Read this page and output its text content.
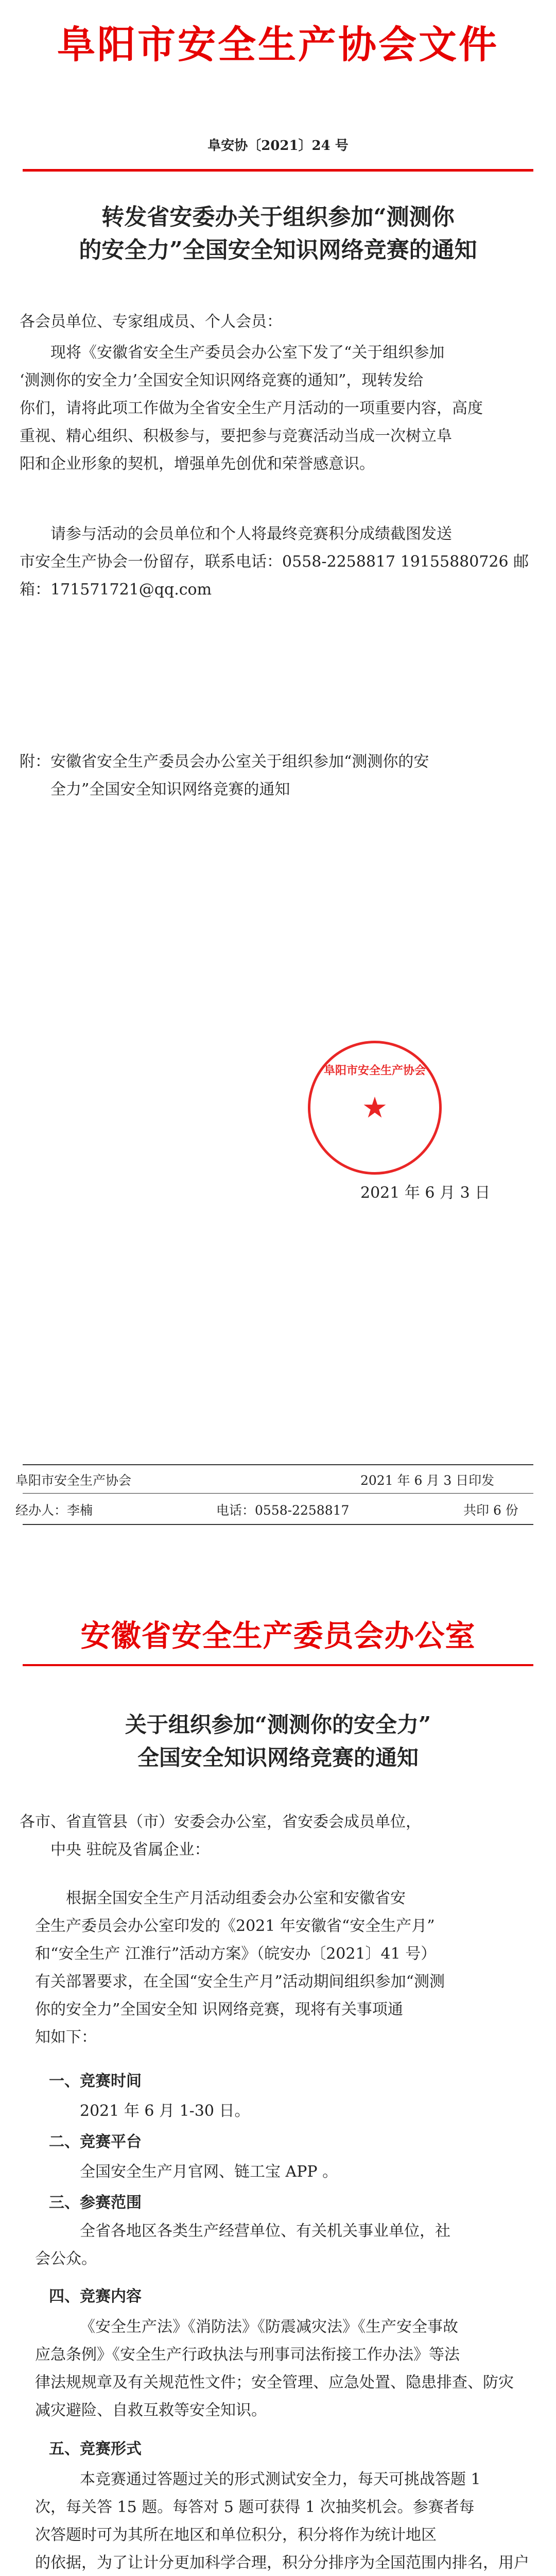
阜阳市安全生产协会文件
阜安协〔2021〕24 号
转发省安委办关于组织参加“测测你
的安全力”全国安全知识网络竞赛的通知
各会员单位、专家组成员、个人会员：
现将《安徽省安全生产委员会办公室下发了“关于组织参加
‘测测你的安全力’全国安全知识网络竞赛的通知”，现转发给
你们，请将此项工作做为全省安全生产月活动的一项重要内容，高度
重视、精心组织、积极参与，要把参与竞赛活动当成一次树立阜
阳和企业形象的契机，增强单先创优和荣誉感意识。
请参与活动的会员单位和个人将最终竞赛积分成绩截图发送
市安全生产协会一份留存，联系电话：0558-2258817 19155880726 邮
箱：171571721@qq.com
附：安徽省安全生产委员会办公室关于组织参加“测测你的安
全力”全国安全知识网络竞赛的通知
★
阜阳市安全生产协会
2021 年 6 月 3 日
阜阳市安全生产协会	2021 年 6 月 3 日印发
经办人：李楠	电话：0558-2258817	共印 6 份
安徽省安全生产委员会办公室
关于组织参加“测测你的安全力”
全国安全知识网络竞赛的通知
各市、省直管县（市）安委会办公室，省安委会成员单位，
中央 驻皖及省属企业：
根据全国安全生产月活动组委会办公室和安徽省安
全生产委员会办公室印发的《2021 年安徽省“安全生产月”
和“安全生产 江淮行”活动方案》（皖安办〔2021〕41 号）
有关部署要求，在全国“安全生产月”活动期间组织参加“测测
你的安全力”全国安全知 识网络竞赛，现将有关事项通
知如下：
一、竞赛时间
2021 年 6 月 1-30 日。
二、竞赛平台
全国安全生产月官网、链工宝 APP 。
三、参赛范围
全省各地区各类生产经营单位、有关机关事业单位，社
会公众。
四、竞赛内容
《安全生产法》《消防法》《防震减灾法》《生产安全事故
应急条例》《安全生产行政执法与刑事司法衔接工作办法》等法
律法规规章及有关规范性文件；安全管理、应急处置、隐患排查、防灾
减灾避险、自救互救等安全知识。
五、竞赛形式
本竞赛通过答题过关的形式测试安全力，每天可挑战答题 1
次，每关答 15 题。每答对 5 题可获得 1 次抽奖机会。参赛者每
次答题时可为其所在地区和单位积分，积分将作为统计地区
的依据，为了让计分更加科学合理，积分分排序为全国范围内排名，用户
